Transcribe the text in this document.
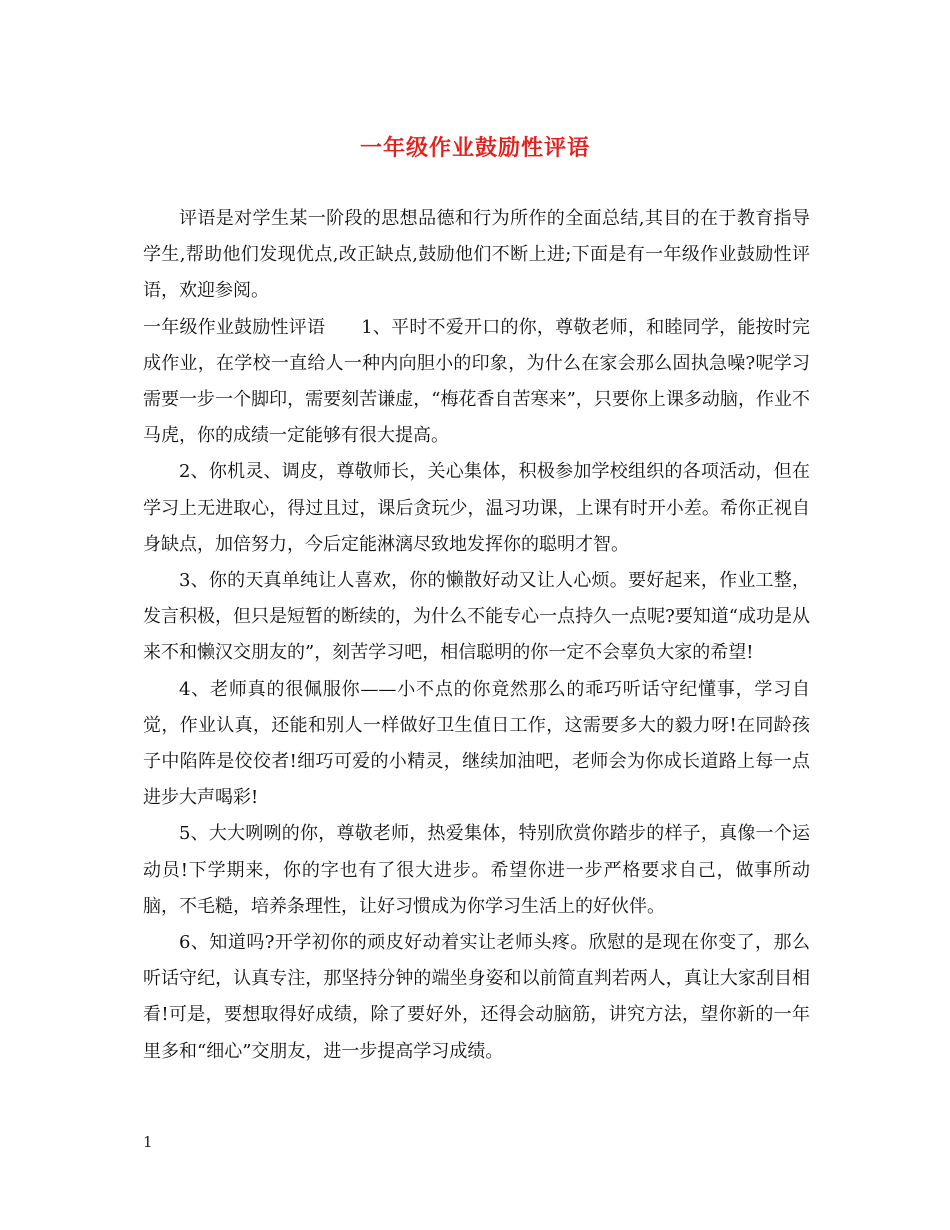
一年级作业鼓励性评语

评语是对学生某一阶段的思想品德和行为所作的全面总结,其目的在于教育指导学生,帮助他们发现优点,改正缺点,鼓励他们不断上进;下面是有一年级作业鼓励性评语，欢迎参阅。

一年级作业鼓励性评语 1、平时不爱开口的你，尊敬老师，和睦同学，能按时完成作业，在学校一直给人一种内向胆小的印象，为什么在家会那么固执急噪?呢学习需要一步一个脚印，需要刻苦谦虚，“梅花香自苦寒来”，只要你上课多动脑，作业不马虎，你的成绩一定能够有很大提高。

2、你机灵、调皮，尊敬师长，关心集体，积极参加学校组织的各项活动，但在学习上无进取心，得过且过，课后贪玩少，温习功课，上课有时开小差。希你正视自身缺点，加倍努力，今后定能淋漓尽致地发挥你的聪明才智。

3、你的天真单纯让人喜欢，你的懒散好动又让人心烦。要好起来，作业工整，发言积极，但只是短暂的断续的，为什么不能专心一点持久一点呢?要知道“成功是从来不和懒汉交朋友的”，刻苦学习吧，相信聪明的你一定不会辜负大家的希望!

4、老师真的很佩服你——小不点的你竟然那么的乖巧听话守纪懂事，学习自觉，作业认真，还能和别人一样做好卫生值日工作，这需要多大的毅力呀!在同龄孩子中陷阵是佼佼者!细巧可爱的小精灵，继续加油吧，老师会为你成长道路上每一点进步大声喝彩!

5、大大咧咧的你，尊敬老师，热爱集体，特别欣赏你踏步的样子，真像一个运动员!下学期来，你的字也有了很大进步。希望你进一步严格要求自己，做事所动脑，不毛糙，培养条理性，让好习惯成为你学习生活上的好伙伴。

6、知道吗?开学初你的顽皮好动着实让老师头疼。欣慰的是现在你变了，那么听话守纪，认真专注，那坚持分钟的端坐身姿和以前简直判若两人，真让大家刮目相看!可是，要想取得好成绩，除了要好外，还得会动脑筋，讲究方法，望你新的一年里多和“细心”交朋友，进一步提高学习成绩。

1
